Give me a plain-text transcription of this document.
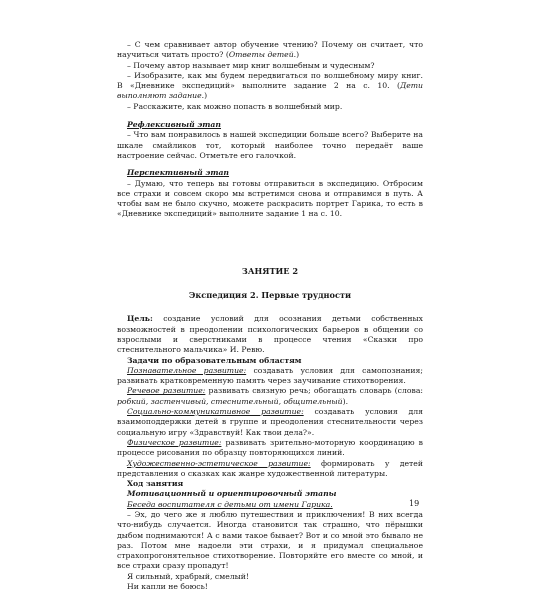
– С чем сравнивает автор обучение чтению? Почему он считает, что научиться читать просто? (Ответы детей.)

– Почему автор называет мир книг волшебным и чудесным?

– Изобразите, как мы будем передвигаться по волшебному миру книг. В «Дневнике экспедиций» выполните задание 2 на с. 10. (Дети выполняют задание.)

– Расскажите, как можно попасть в волшебный мир.

Рефлексивный этап

– Что вам понравилось в нашей экспедиции больше всего? Выберите на шкале смайликов тот, который наиболее точно передаёт ваше настроение сейчас. Отметьте его галочкой.

Перспективный этап

– Думаю, что теперь вы готовы отправиться в экспедицию. Отбросим все страхи и совсем скоро мы встретимся снова и отправимся в путь. А чтобы вам не было скучно, можете раскрасить портрет Гарика, то есть в «Дневнике экспедиций» выполните задание 1 на с. 10.

ЗАНЯТИЕ 2

Экспедиция 2. Первые трудности

Цель: создание условий для осознания детьми собственных возможностей в преодолении психологических барьеров в общении со взрослыми и сверстниками в процессе чтения «Сказки про стеснительного мальчика» И. Ревю.

Задачи по образовательным областям

Познавательное развитие: создавать условия для самопознания; развивать кратковременную память через заучивание стихотворения.

Речевое развитие: развивать связную речь; обогащать словарь (слова: робкий, застенчивый, стеснительный, общительный).

Социально-коммуникативное развитие: создавать условия для взаимоподдержки детей в группе и преодоления стеснительности через социальную игру «Здравствуй! Как твои дела?».

Физическое развитие: развивать зрительно-моторную координацию в процессе рисования по образцу повторяющихся линий.

Художественно-эстетическое развитие: формировать у детей представления о сказках как жанре художественной литературы.

Ход занятия

Мотивационный и ориентировочный этапы

Беседа воспитателя с детьми от имени Гарика.

– Эх, до чего же я люблю путешествия и приключения! В них всегда что-нибудь случается. Иногда становится так страшно, что пёрышки дыбом поднимаются! А с вами такое бывает? Вот и со мной это бывало не раз. Потом мне надоели эти страхи, и я придумал специальное страхопрогонятельное стихотворение. Повторяйте его вместе со мной, и все страхи сразу пропадут!

Я сильный, храбрый, смелый!

Ни капли не боюсь!

19
